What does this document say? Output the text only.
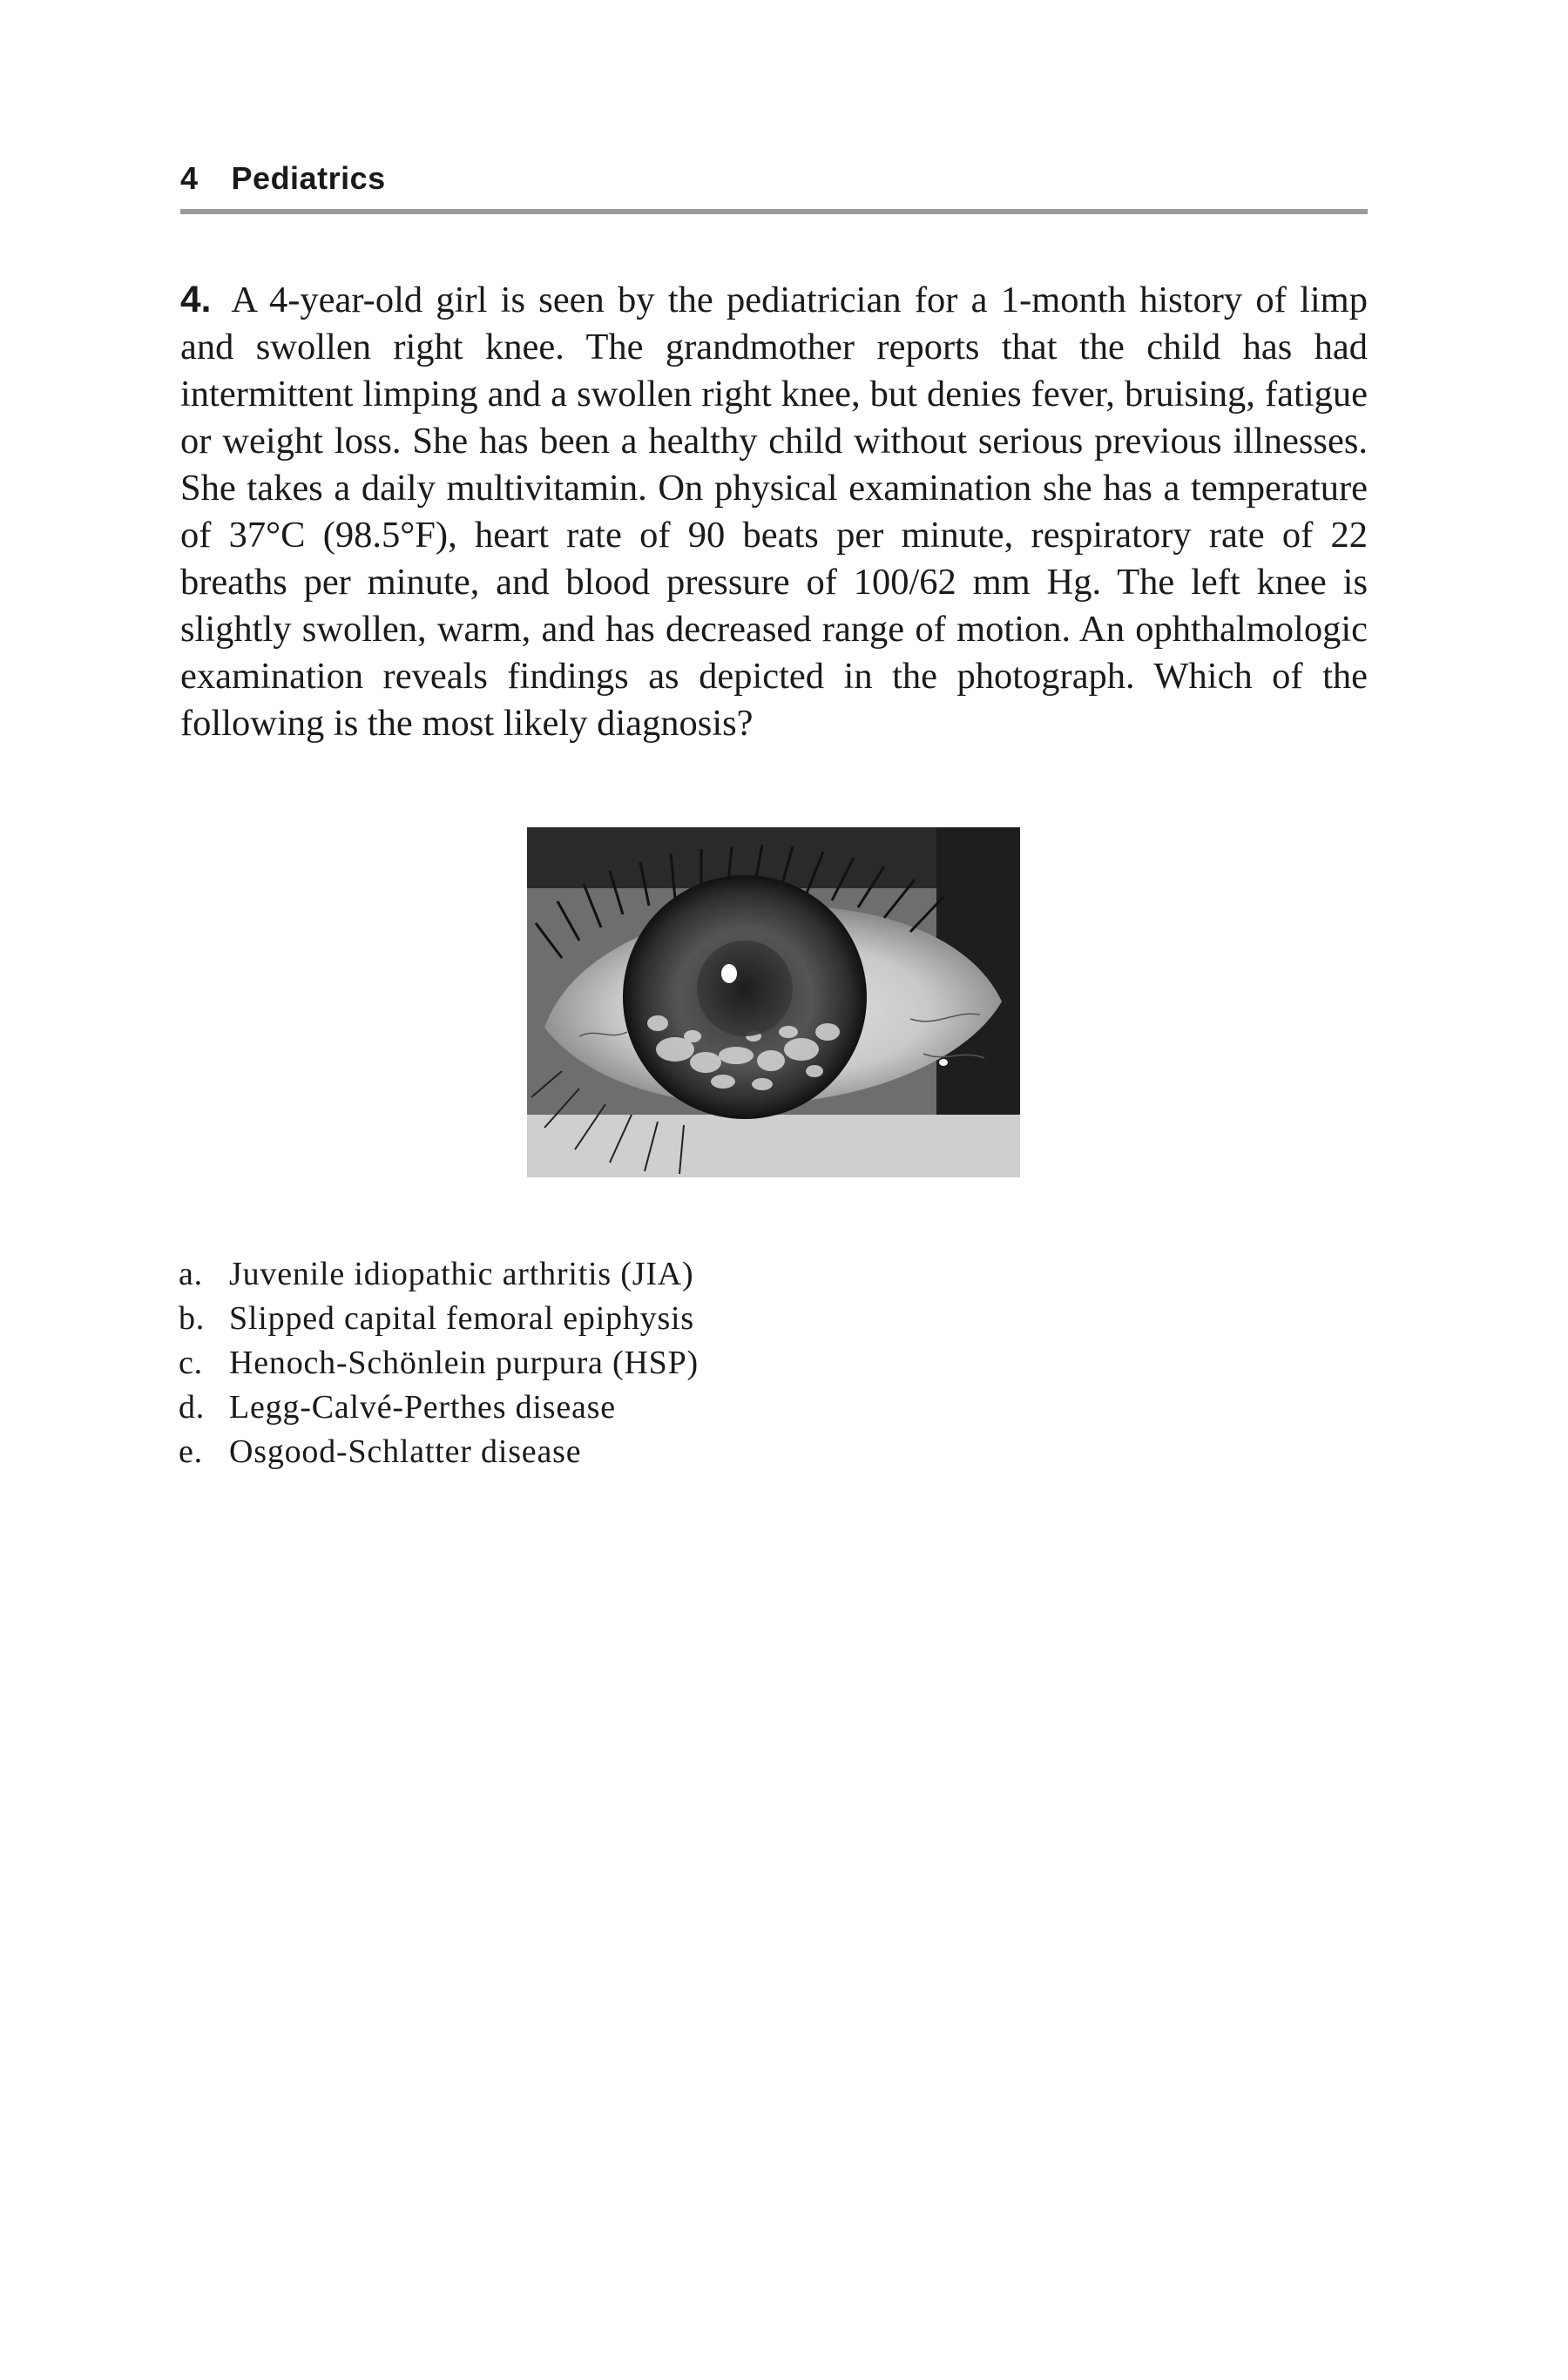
4 Pediatrics
4. A 4-year-old girl is seen by the pediatrician for a 1-month history of limp and swollen right knee. The grandmother reports that the child has had intermittent limping and a swollen right knee, but denies fever, bruising, fatigue or weight loss. She has been a healthy child without serious previous illnesses. She takes a daily multivitamin. On physical examination she has a temperature of 37°C (98.5°F), heart rate of 90 beats per minute, respiratory rate of 22 breaths per minute, and blood pressure of 100/62 mm Hg. The left knee is slightly swollen, warm, and has decreased range of motion. An ophthalmologic examination reveals findings as depicted in the photograph. Which of the following is the most likely diagnosis?
a. Juvenile idiopathic arthritis (JIA)
b. Slipped capital femoral epiphysis
c. Henoch-Schönlein purpura (HSP)
d. Legg-Calvé-Perthes disease
e. Osgood-Schlatter disease
